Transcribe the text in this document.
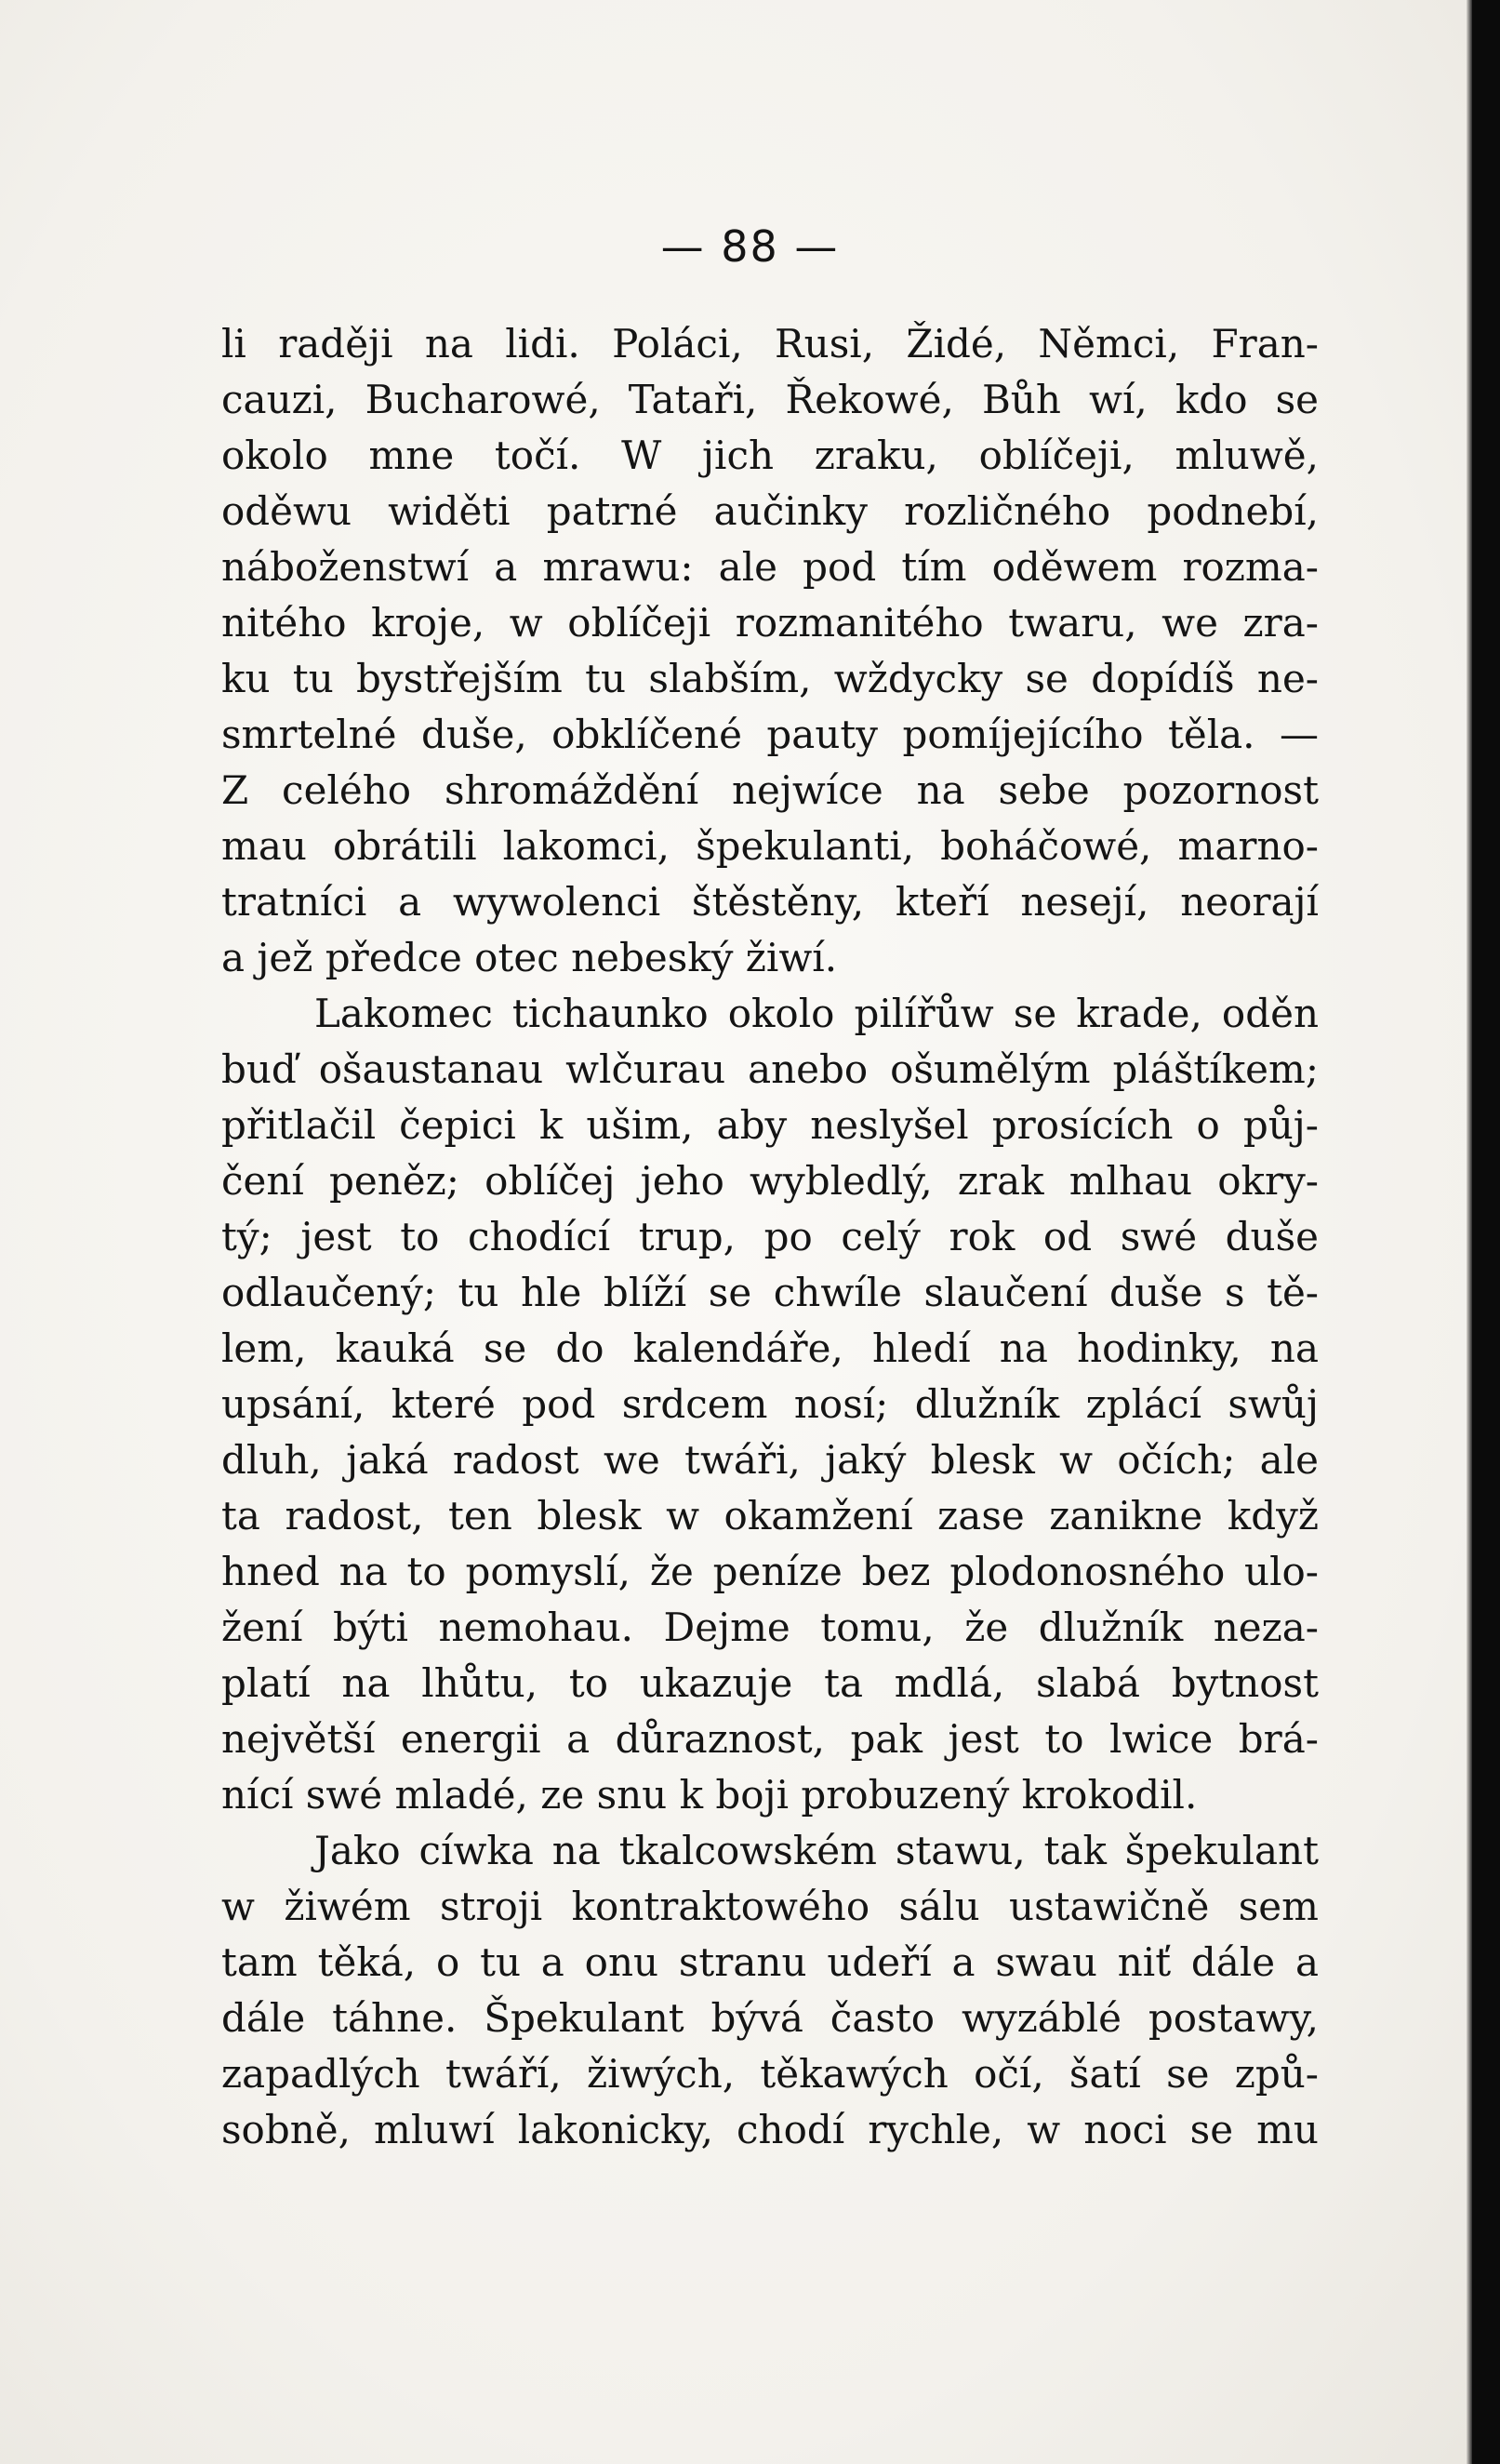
— 88 —
li raději na lidi. Poláci, Rusi, Židé, Němci, Fran-
cauzi, Bucharowé, Tataři, Řekowé, Bůh wí, kdo se
okolo mne točí. W jich zraku, oblíčeji, mluwě,
oděwu widěti patrné aučinky rozličného podnebí,
náboženstwí a mrawu: ale pod tím oděwem rozma-
nitého kroje, w oblíčeji rozmanitého twaru, we zra-
ku tu bystřejším tu slabším, wždycky se dopídíš ne-
smrtelné duše, obklíčené pauty pomíjejícího těla. —
Z celého shromáždění nejwíce na sebe pozornost
mau obrátili lakomci, špekulanti, boháčowé, marno-
tratníci a wywolenci štěstěny, kteří nesejí, neorají
a jež předce otec nebeský žiwí.
Lakomec tichaunko okolo pilířůw se krade, oděn
buď ošaustanau wlčurau anebo ošumělým pláštíkem;
přitlačil čepici k ušim, aby neslyšel prosících o půj-
čení peněz; oblíčej jeho wybledlý, zrak mlhau okry-
tý; jest to chodící trup, po celý rok od swé duše
odlaučený; tu hle blíží se chwíle slaučení duše s tě-
lem, kauká se do kalendáře, hledí na hodinky, na
upsání, které pod srdcem nosí; dlužník zplácí swůj
dluh, jaká radost we twáři, jaký blesk w očích; ale
ta radost, ten blesk w okamžení zase zanikne když
hned na to pomyslí, že peníze bez plodonosného ulo-
žení býti nemohau. Dejme tomu, že dlužník neza-
platí na lhůtu, to ukazuje ta mdlá, slabá bytnost
největší energii a důraznost, pak jest to lwice brá-
nící swé mladé, ze snu k boji probuzený krokodil.
Jako cíwka na tkalcowském stawu, tak špekulant
w žiwém stroji kontraktowého sálu ustawičně sem
tam těká, o tu a onu stranu udeří a swau niť dále a
dále táhne. Špekulant bývá často wyzáblé postawy,
zapadlých twáří, žiwých, těkawých očí, šatí se způ-
sobně, mluwí lakonicky, chodí rychle, w noci se mu
